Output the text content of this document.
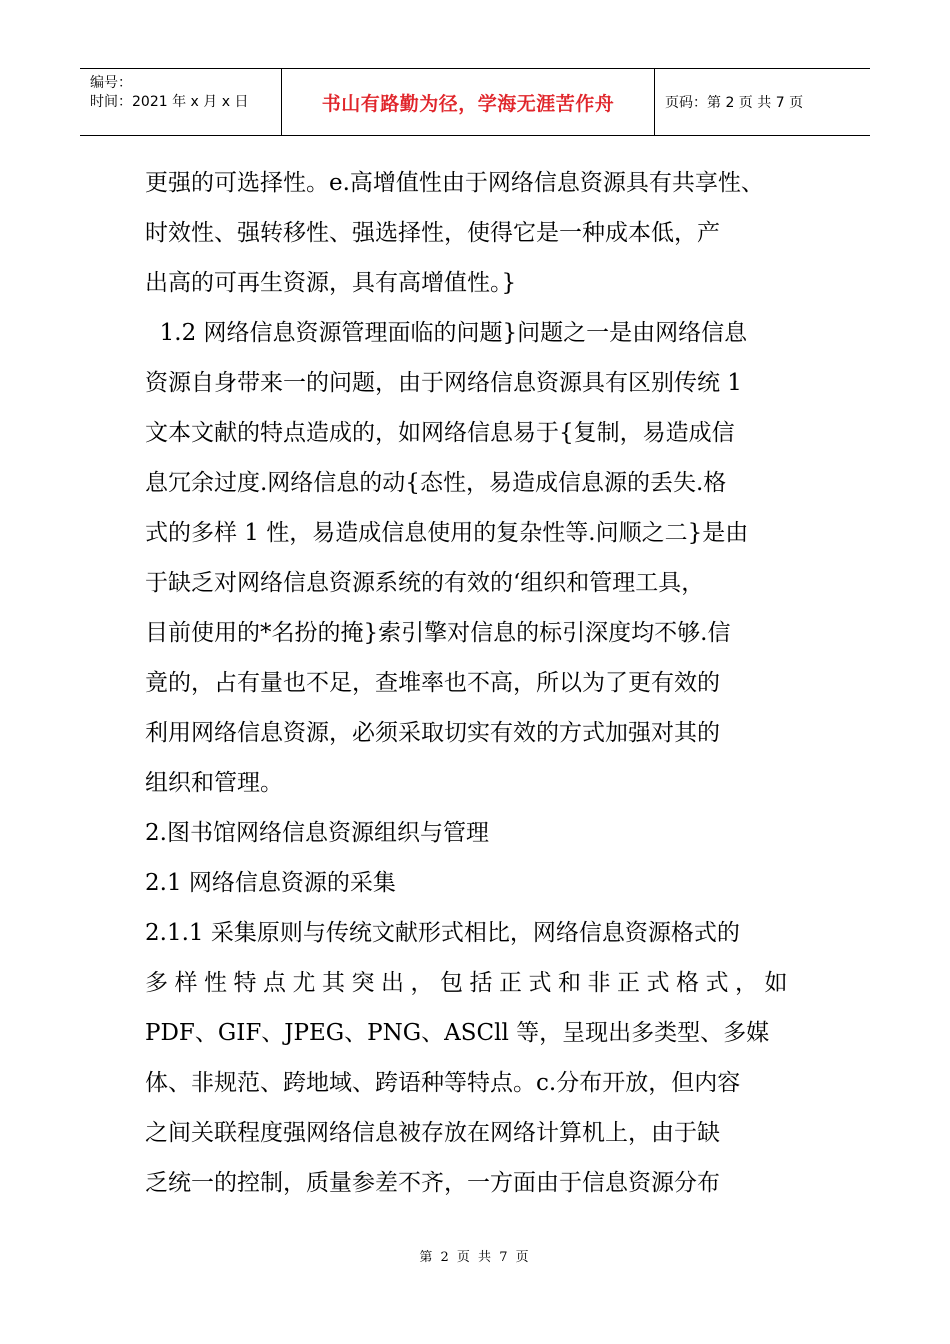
编号：
时间：2021 年 x 月 x 日	书山有路勤为径，学海无涯苦作舟	页码：第 2 页 共 7 页

更强的可选择性。e.高增值性由于网络信息资源具有共享性、

时效性、强转移性、强选择性，使得它是一种成本低，产

出高的可再生资源，具有高增值性。}

1.2 网络信息资源管理面临的问题}问题之一是由网络信息

资源自身带来一的问题，由于网络信息资源具有区别传统 1

文本文献的特点造成的，如网络信息易于{复制，易造成信

息冗余过度.网络信息的动{态性，易造成信息源的丢失.格

式的多样 1 性，易造成信息使用的复杂性等.问顺之二}是由

于缺乏对网络信息资源系统的有效的‘组织和管理工具，

目前使用的*名扮的掩}索引擎对信息的标引深度均不够.信

竟的，占有量也不足，查堆率也不高，所以为了更有效的

利用网络信息资源，必须采取切实有效的方式加强对其的

组织和管理。

2.图书馆网络信息资源组织与管理

2.1 网络信息资源的采集

2.1.1 采集原则与传统文献形式相比，网络信息资源格式的

多样性特点尤其突出，包括正式和非正式格式，如

PDF、GIF、JPEG、PNG、ASCll 等，呈现出多类型、多媒

体、非规范、跨地域、跨语种等特点。c.分布开放，但内容

之间关联程度强网络信息被存放在网络计算机上，由于缺

乏统一的控制，质量参差不齐，一方面由于信息资源分布

第 2 页 共 7 页
